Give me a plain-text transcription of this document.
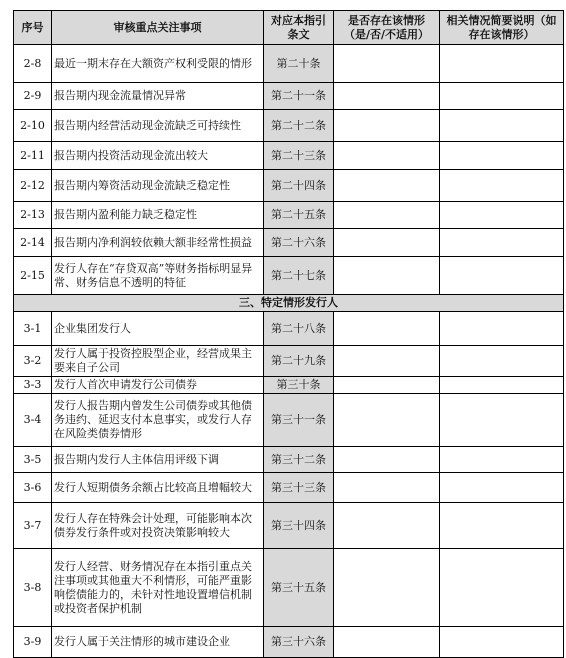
序号	审核重点关注事项	对应本指引条文	是否存在该情形（是/否/不适用）	相关情况简要说明（如存在该情形）
2-8	最近一期末存在大额资产权利受限的情形	第二十条		
2-9	报告期内现金流量情况异常	第二十一条		
2-10	报告期内经营活动现金流缺乏可持续性	第二十二条		
2-11	报告期内投资活动现金流出较大	第二十三条		
2-12	报告期内筹资活动现金流缺乏稳定性	第二十四条		
2-13	报告期内盈利能力缺乏稳定性	第二十五条		
2-14	报告期内净利润较依赖大额非经常性损益	第二十六条		
2-15	发行人存在“存贷双高”等财务指标明显异常、财务信息不透明的特征	第二十七条		
三、特定情形发行人				
3-1	企业集团发行人	第二十八条		
3-2	发行人属于投资控股型企业，经营成果主要来自子公司	第二十九条		
3-3	发行人首次申请发行公司债券	第三十条		
3-4	发行人报告期内曾发生公司债券或其他债务违约、延迟支付本息事实，或发行人存在风险类债券情形	第三十一条		
3-5	报告期内发行人主体信用评级下调	第三十二条		
3-6	发行人短期债务余额占比较高且增幅较大	第三十三条		
3-7	发行人存在特殊会计处理，可能影响本次债券发行条件或对投资决策影响较大	第三十四条		
3-8	发行人经营、财务情况存在本指引重点关注事项或其他重大不利情形，可能严重影响偿债能力的，未针对性地设置增信机制或投资者保护机制	第三十五条		
3-9	发行人属于关注情形的城市建设企业	第三十六条		
